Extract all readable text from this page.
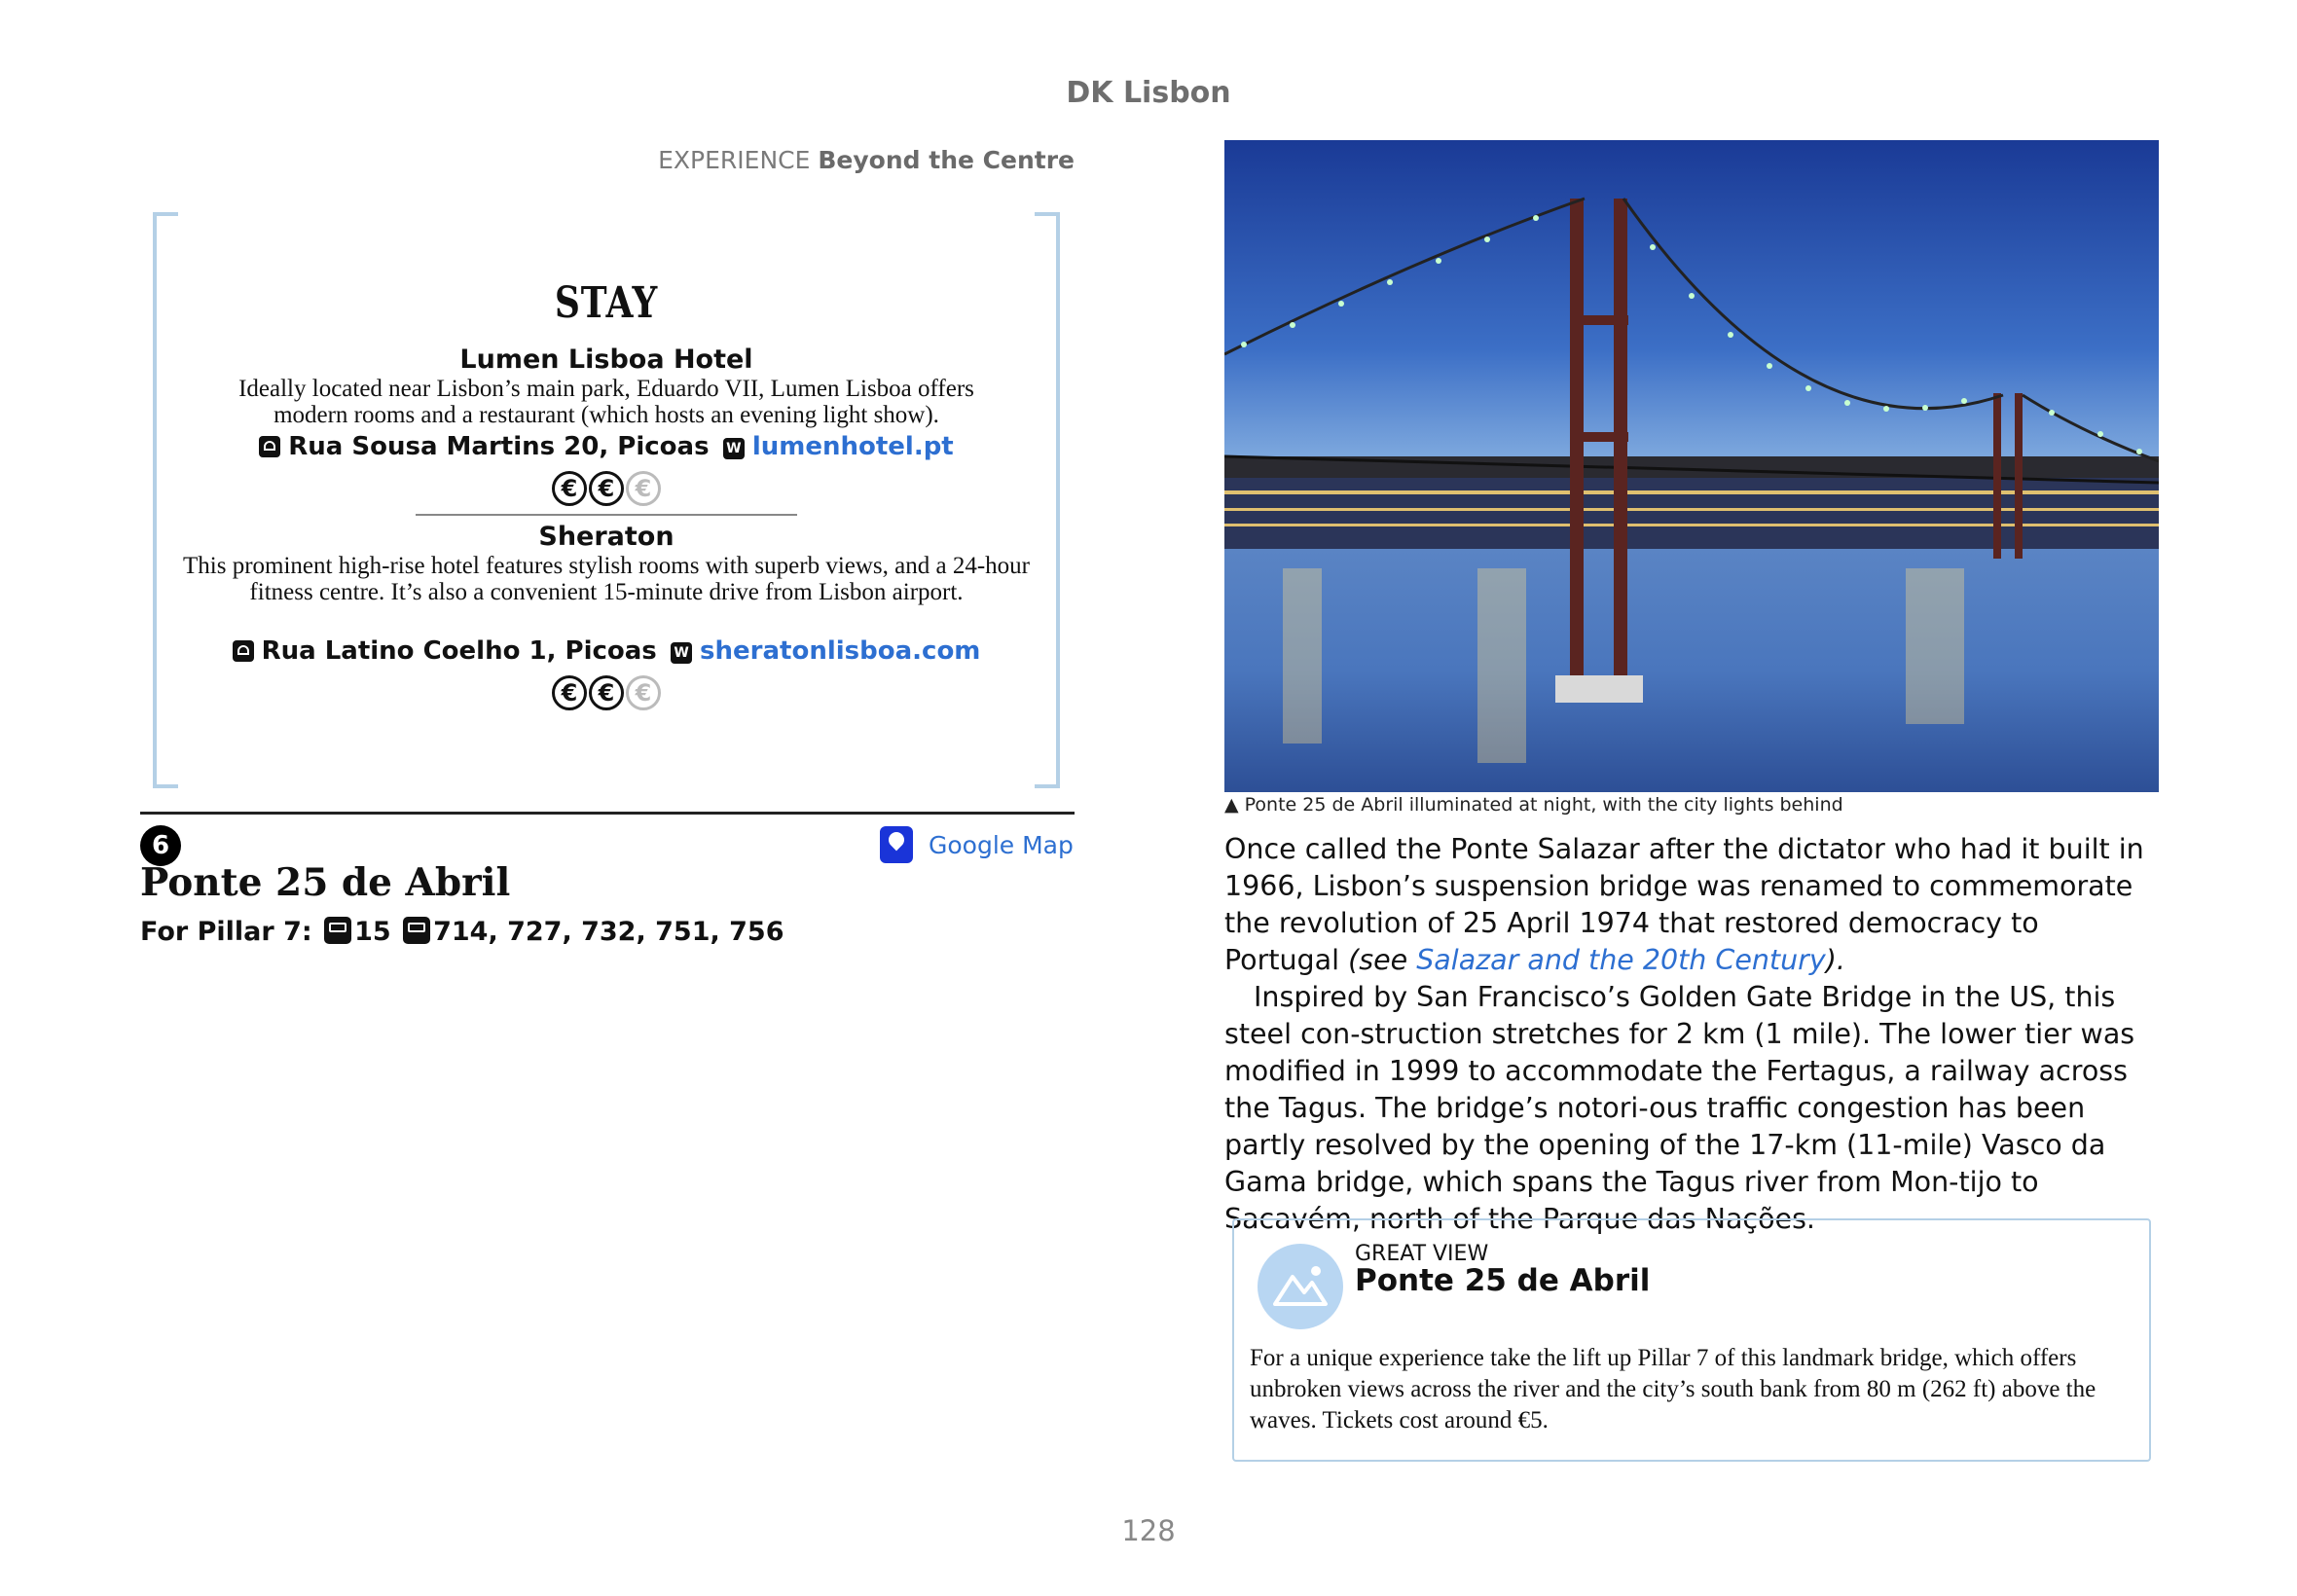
DK Lisbon
EXPERIENCE Beyond the Centre
STAY
Lumen Lisboa Hotel
Ideally located near Lisbon’s main park, Eduardo VII, Lumen Lisboa offers modern rooms and a restaurant (which hosts an evening light show).
Rua Sousa Martins 20, Picoas W lumenhotel.pt
€ € €
Sheraton
This prominent high-rise hotel features stylish rooms with superb views, and a 24-hour fitness centre. It’s also a convenient 15-minute drive from Lisbon airport.
Rua Latino Coelho 1, Picoas W sheratonlisboa.com
€ € €
6	Google Map
Ponte 25 de Abril
For Pillar 7: 15 714, 727, 732, 751, 756
▲ Ponte 25 de Abril illuminated at night, with the city lights behind

Once called the Ponte Salazar after the dictator who had it built in 1966, Lisbon’s suspension bridge was renamed to commemorate the revolution of 25 April 1974 that restored democracy to Portugal (see Salazar and the 20th Century).

Inspired by San Francisco’s Golden Gate Bridge in the US, this steel con-struction stretches for 2 km (1 mile). The lower tier was modified in 1999 to accommodate the Fertagus, a railway across the Tagus. The bridge’s notori-ous traffic congestion has been partly resolved by the opening of the 17-km (11-mile) Vasco da Gama bridge, which spans the Tagus river from Mon-tijo to Sacavém, north of the Parque das Nações.

GREAT VIEW
Ponte 25 de Abril
For a unique experience take the lift up Pillar 7 of this landmark bridge, which offers unbroken views across the river and the city’s south bank from 80 m (262 ft) above the waves. Tickets cost around €5.
128
